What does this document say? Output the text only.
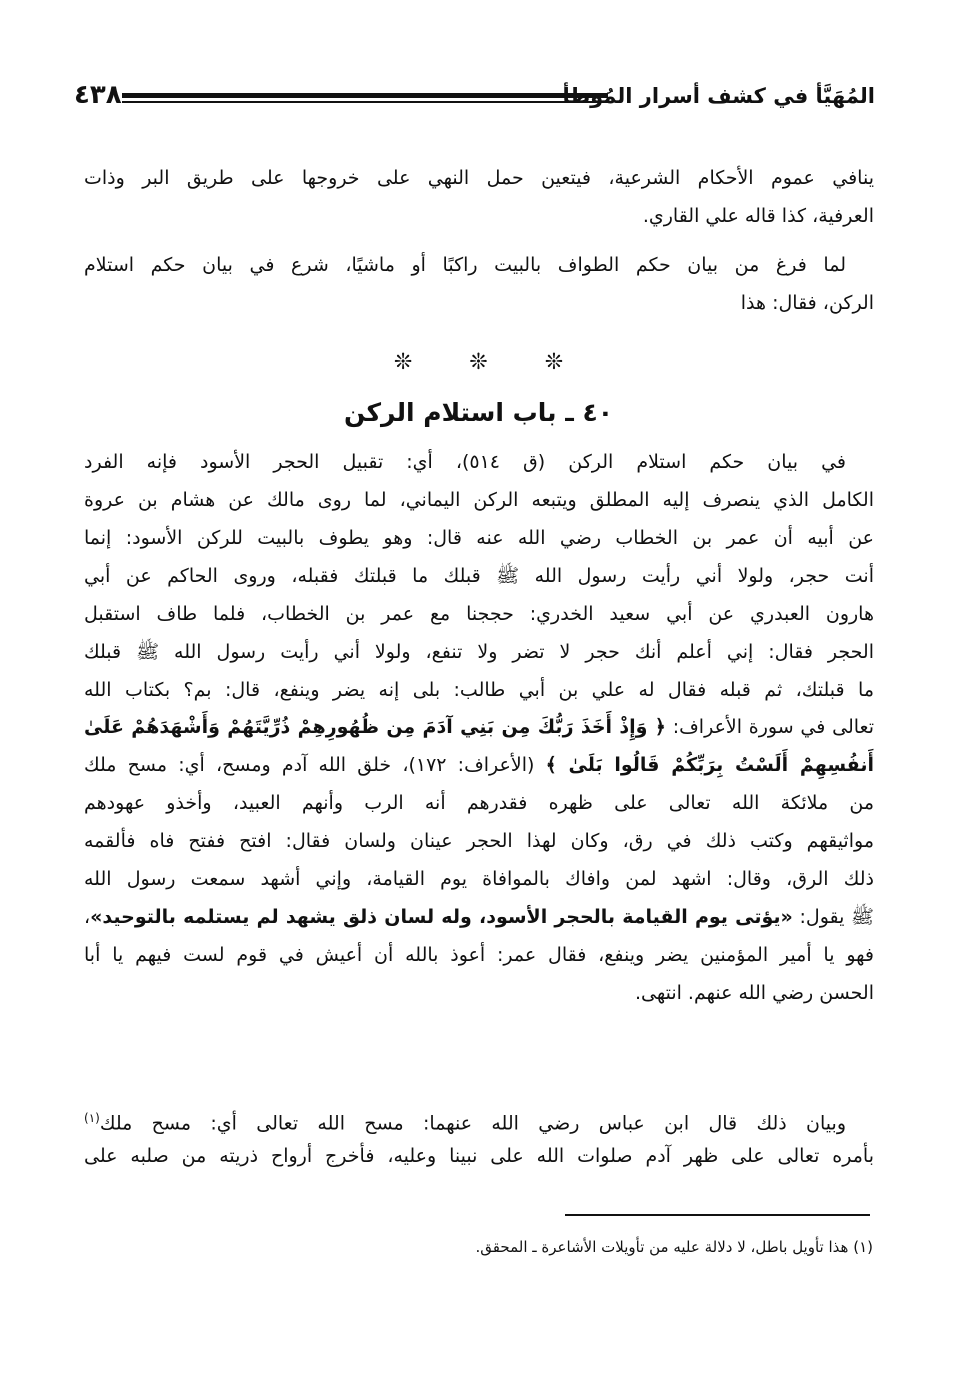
٤٣٨	المُهَيَّأ في كشف أسرار المُوطأ
ينافي عموم الأحكام الشرعية، فيتعين حمل النهي على خروجها على طريق البر وذات
العرفية، كذا قاله علي القاري.
لما فرغ من بيان حكم الطواف بالبيت راكبًا أو ماشيًا، شرع في بيان حكم استلام
الركن، فقال: هذا
في بيان حكم استلام الركن (ق ٥١٤)، أي: تقبيل الحجر الأسود فإنه الفرد
الكامل الذي ينصرف إليه المطلق ويتبعه الركن اليماني، لما روى مالك عن هشام بن عروة
عن أبيه أن عمر بن الخطاب رضي الله عنه قال: وهو يطوف بالبيت للركن الأسود: إنما
أنت حجر، ولولا أني رأيت رسول الله ﷺ قبلك ما قبلتك فقبله، وروى الحاكم عن أبي
هارون العبدري عن أبي سعيد الخدري: حججنا مع عمر بن الخطاب، فلما طاف استقبل
الحجر فقال: إني أعلم أنك حجر لا تضر ولا تنفع، ولولا أني رأيت رسول الله ﷺ قبلك
ما قبلتك، ثم قبله فقال له علي بن أبي طالب: بلى إنه يضر وينفع، قال: بم؟ بكتاب الله
تعالى في سورة الأعراف: ﴿ وَإِذْ أَخَذَ رَبُّكَ مِن بَنِي آدَمَ مِن ظُهُورِهِمْ ذُرِّيَّتَهُمْ وَأَشْهَدَهُمْ عَلَىٰ
أَنفُسِهِمْ أَلَسْتُ بِرَبِّكُمْ قَالُوا بَلَىٰ ﴾ (الأعراف: ١٧٢)، خلق الله آدم ومسح، أي: مسح ملك
من ملائكة الله تعالى على ظهره فقدرهم أنه الرب وأنهم العبيد، وأخذو عهودهم
مواثيقهم وكتب ذلك في رق، وكان لهذا الحجر عينان ولسان فقال: افتح ففتح فاه فألقمه
ذلك الرق، وقال: اشهد لمن وافاك بالموافاة يوم القيامة، وإني أشهد سمعت رسول الله
ﷺ يقول: «يؤتى يوم القيامة بالحجر الأسود، وله لسان ذلق يشهد لم يستلمه بالتوحيد»،
فهو يا أمير المؤمنين يضر وينفع، فقال عمر: أعوذ بالله أن أعيش في قوم لست فيهم يا أبا
الحسن رضي الله عنهم. انتهى.
وبيان ذلك قال ابن عباس رضي الله عنهما: مسح الله تعالى أي: مسح ملك$^{(١)}$
بأمره تعالى على ظهر آدم صلوات الله على نبينا وعليه، فأخرج أرواح ذريته من صلبه على
❊ ❊ ❊
٤٠ ـ باب استلام الركن
(١) هذا تأويل باطل، لا دلالة عليه من تأويلات الأشاعرة ـ المحقق.
